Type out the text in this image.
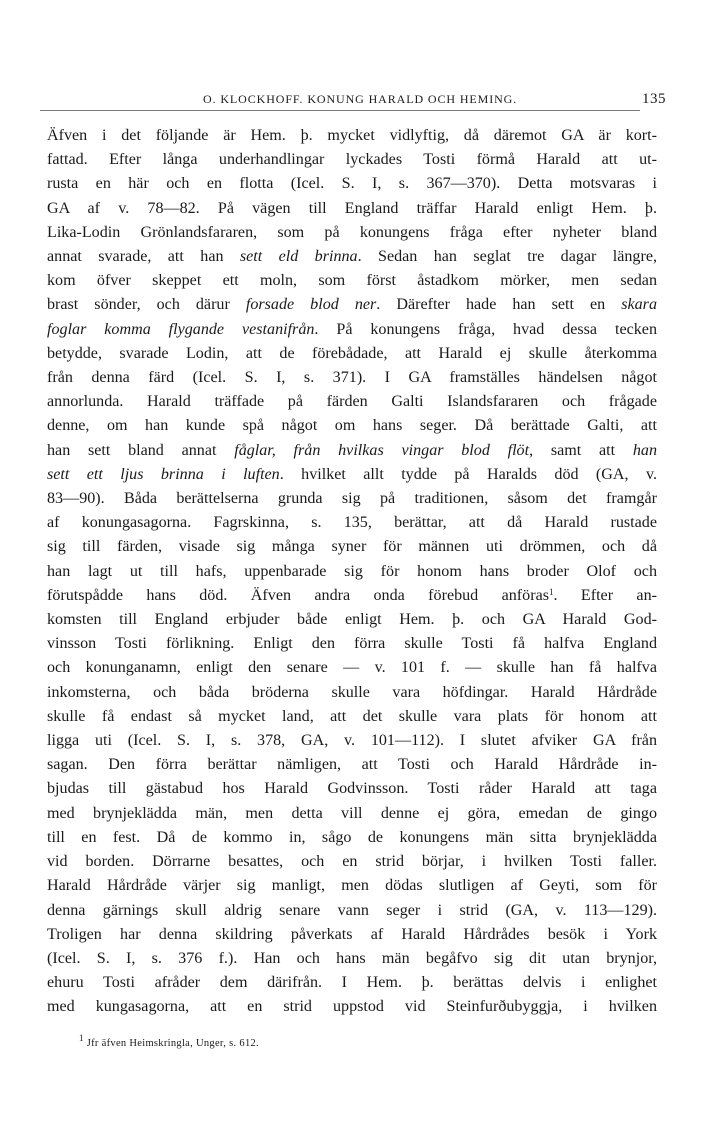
O. KLOCKHOFF. KONUNG HARALD OCH HEMING.	135
Äfven i det följande är Hem. þ. mycket vidlyftig, då däremot GA är kort-
fattad. Efter långa underhandlingar lyckades Tosti förmå Harald att ut-
rusta en här och en flotta (Icel. S. I, s. 367—370). Detta motsvaras i
GA af v. 78—82. På vägen till England träffar Harald enligt Hem. þ.
Lika-Lodin Grönlandsfararen, som på konungens fråga efter nyheter bland
annat svarade, att han sett eld brinna. Sedan han seglat tre dagar längre,
kom öfver skeppet ett moln, som först åstadkom mörker, men sedan
brast sönder, och därur forsade blod ner. Därefter hade han sett en skara
foglar komma flygande vestanifrån. På konungens fråga, hvad dessa tecken
betydde, svarade Lodin, att de förebådade, att Harald ej skulle återkomma
från denna färd (Icel. S. I, s. 371). I GA framställes händelsen något
annorlunda. Harald träffade på färden Galti Islandsfararen och frågade
denne, om han kunde spå något om hans seger. Då berättade Galti, att
han sett bland annat fåglar, från hvilkas vingar blod flöt, samt att han
sett ett ljus brinna i luften. hvilket allt tydde på Haralds död (GA, v.
83—90). Båda berättelserna grunda sig på traditionen, såsom det framgår
af konungasagorna. Fagrskinna, s. 135, berättar, att då Harald rustade
sig till färden, visade sig många syner för männen uti drömmen, och då
han lagt ut till hafs, uppenbarade sig för honom hans broder Olof och
förutspådde hans död. Äfven andra onda förebud anföras$^1$. Efter an-
komsten till England erbjuder både enligt Hem. þ. och GA Harald God-
vinsson Tosti förlikning. Enligt den förra skulle Tosti få halfva England
och konunganamn, enligt den senare — v. 101 f. — skulle han få halfva
inkomsterna, och båda bröderna skulle vara höfdingar. Harald Hårdråde
skulle få endast så mycket land, att det skulle vara plats för honom att
ligga uti (Icel. S. I, s. 378, GA, v. 101—112). I slutet afviker GA från
sagan. Den förra berättar nämligen, att Tosti och Harald Hårdråde in-
bjudas till gästabud hos Harald Godvinsson. Tosti råder Harald att taga
med brynjeklädda män, men detta vill denne ej göra, emedan de gingo
till en fest. Då de kommo in, sågo de konungens män sitta brynjeklädda
vid borden. Dörrarne besattes, och en strid börjar, i hvilken Tosti faller.
Harald Hårdråde värjer sig manligt, men dödas slutligen af Geyti, som för
denna gärnings skull aldrig senare vann seger i strid (GA, v. 113—129).
Troligen har denna skildring påverkats af Harald Hårdrådes besök i York
(Icel. S. I, s. 376 f.). Han och hans män begåfvo sig dit utan brynjor,
ehuru Tosti afråder dem därifrån. I Hem. þ. berättas delvis i enlighet
med kungasagorna, att en strid uppstod vid Steinfurðubyggja, i hvilken
$^1$ Jfr äfven Heimskringla, Unger, s. 612.
